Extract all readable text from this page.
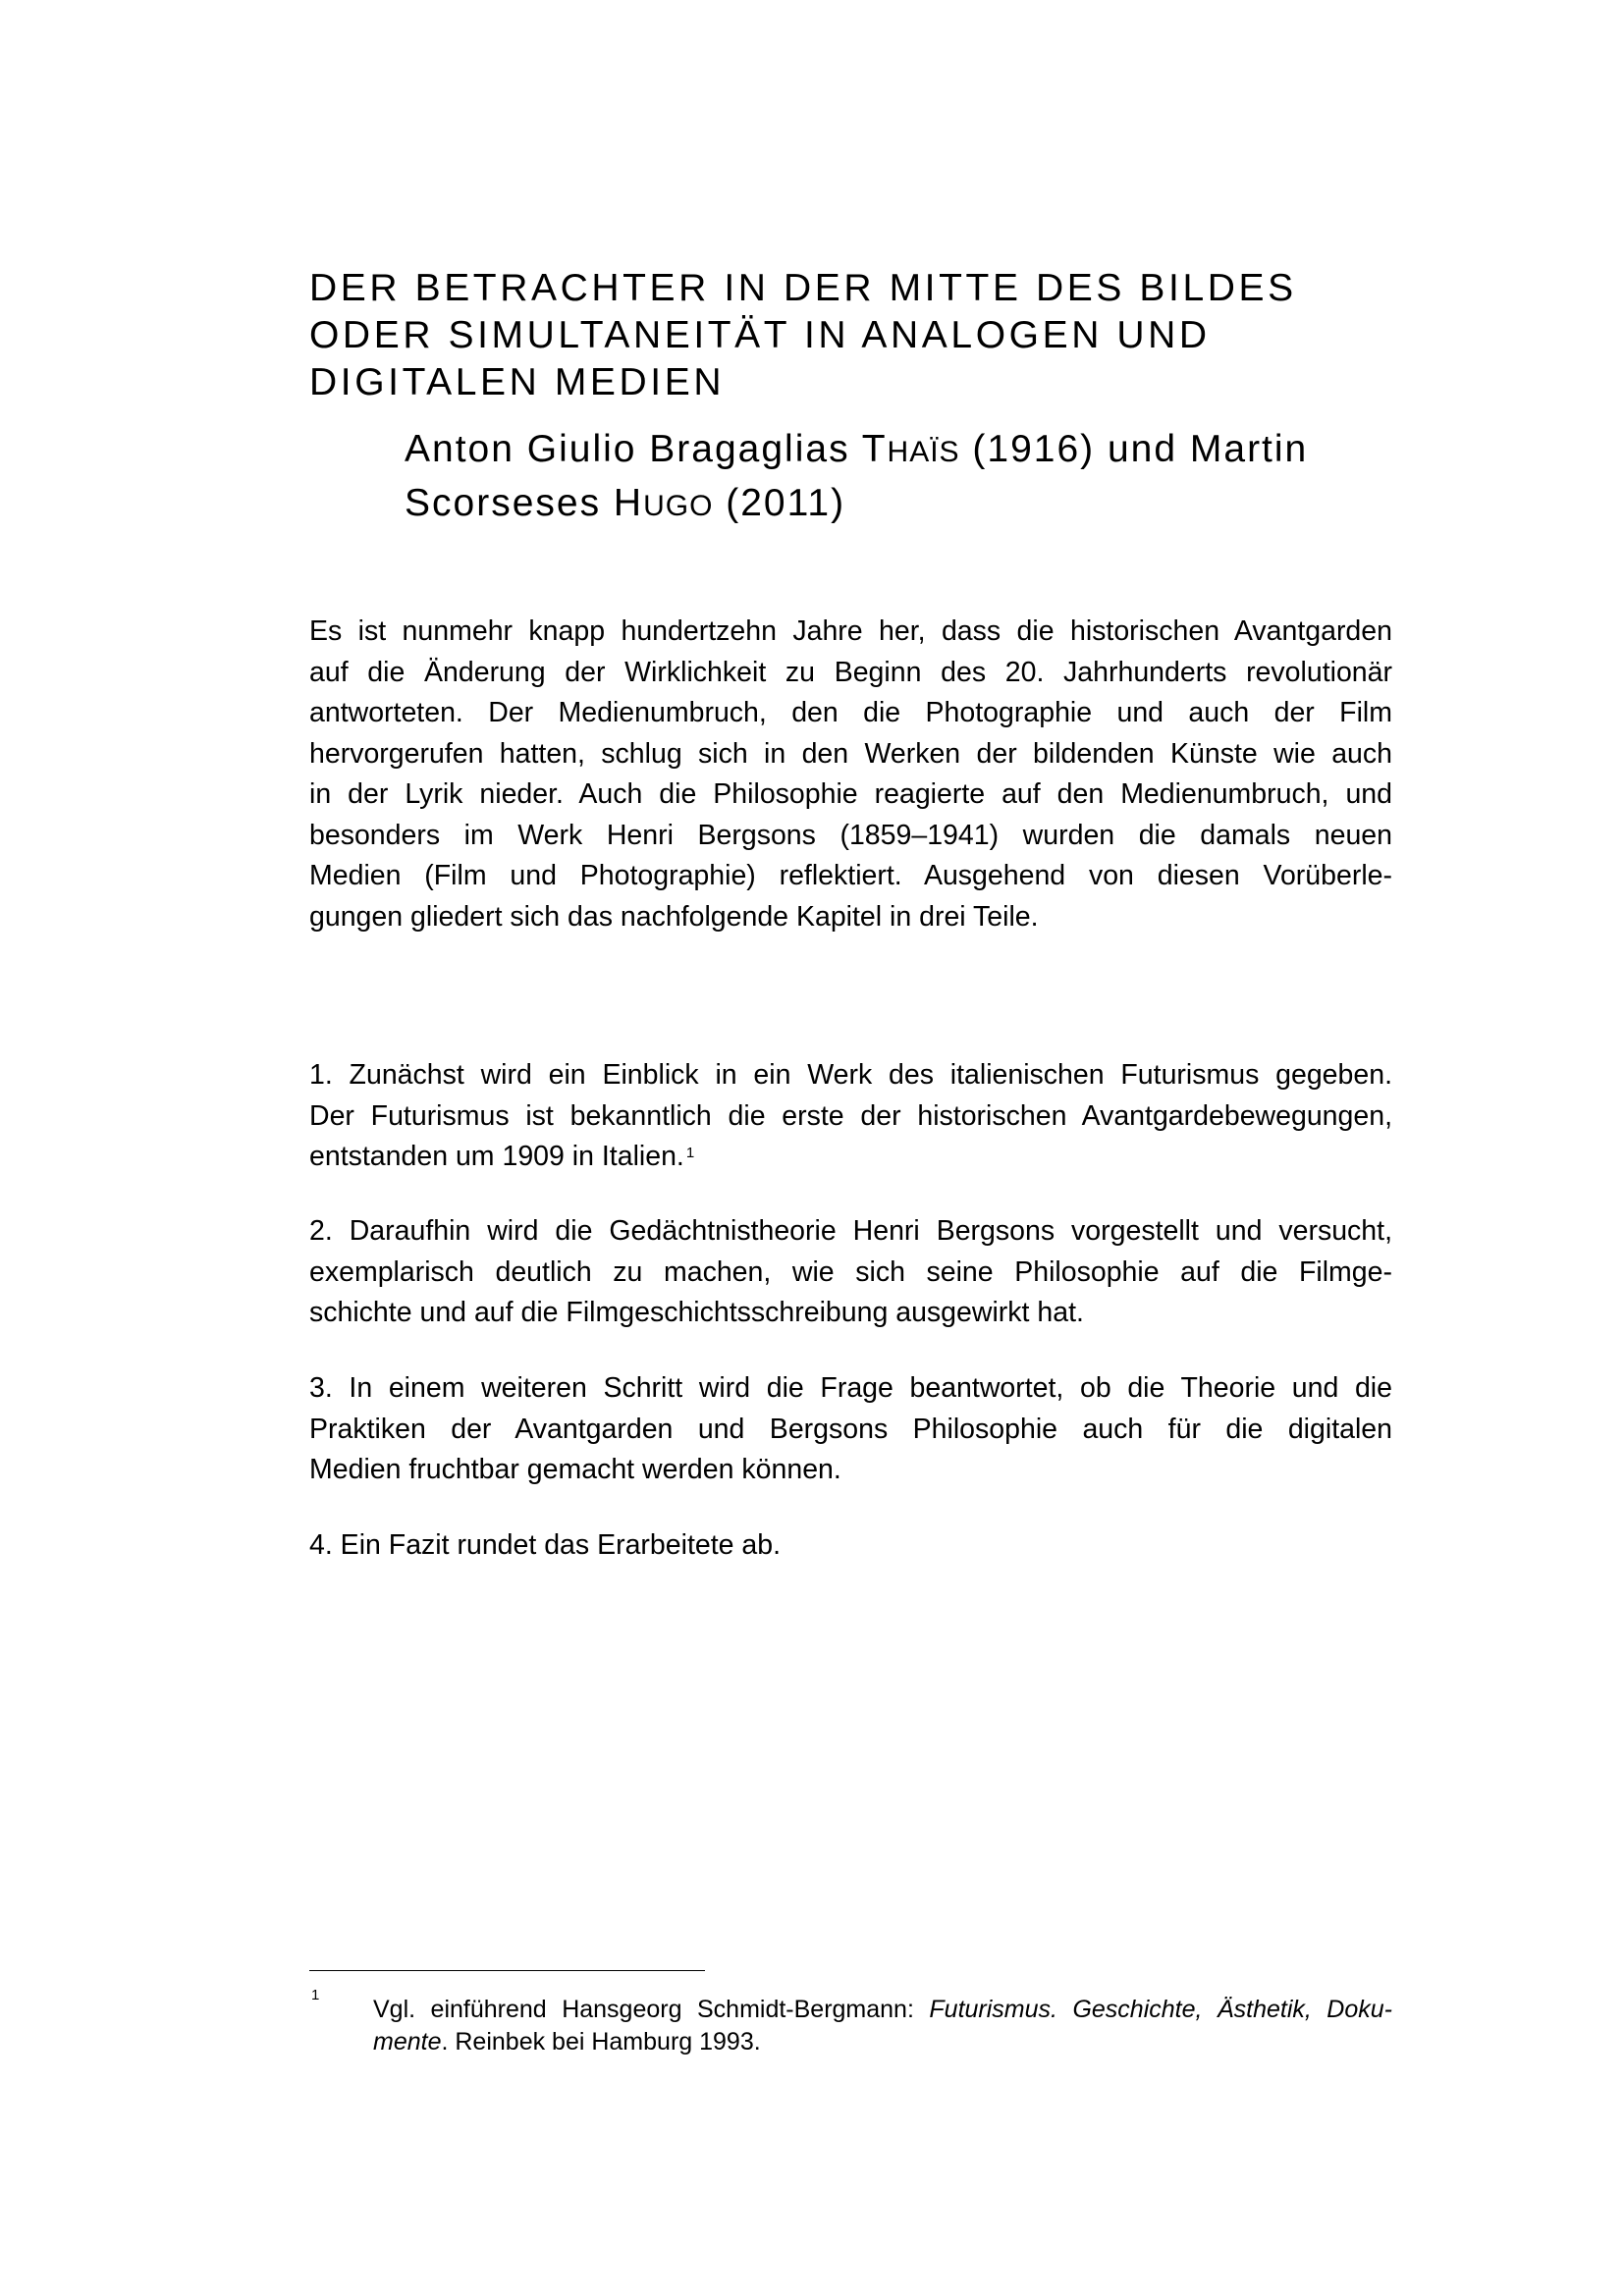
DER BETRACHTER IN DER MITTE DES BILDES
ODER SIMULTANEITÄT IN ANALOGEN UND
DIGITALEN MEDIEN
Anton Giulio Bragaglias THAÏS (1916) und Martin
Scorseses HUGO (2011)
Es ist nunmehr knapp hundertzehn Jahre her, dass die historischen Avantgarden
auf die Änderung der Wirklichkeit zu Beginn des 20. Jahrhunderts revolutionär
antworteten. Der Medienumbruch, den die Photographie und auch der Film
hervorgerufen hatten, schlug sich in den Werken der bildenden Künste wie auch
in der Lyrik nieder. Auch die Philosophie reagierte auf den Medienumbruch, und
besonders im Werk Henri Bergsons (1859–1941) wurden die damals neuen
Medien (Film und Photographie) reflektiert. Ausgehend von diesen Vorüberle-
gungen gliedert sich das nachfolgende Kapitel in drei Teile.
1. Zunächst wird ein Einblick in ein Werk des italienischen Futurismus gegeben.
Der Futurismus ist bekanntlich die erste der historischen Avantgardebewegungen,
entstanden um 1909 in Italien. $^1$
2. Daraufhin wird die Gedächtnistheorie Henri Bergsons vorgestellt und versucht,
exemplarisch deutlich zu machen, wie sich seine Philosophie auf die Filmge-
schichte und auf die Filmgeschichtsschreibung ausgewirkt hat.
3. In einem weiteren Schritt wird die Frage beantwortet, ob die Theorie und die
Praktiken der Avantgarden und Bergsons Philosophie auch für die digitalen
Medien fruchtbar gemacht werden können.
4. Ein Fazit rundet das Erarbeitete ab.
1
Vgl. einführend Hansgeorg Schmidt-Bergmann: Futurismus. Geschichte, Ästhetik, Doku-
mente. Reinbek bei Hamburg 1993.
